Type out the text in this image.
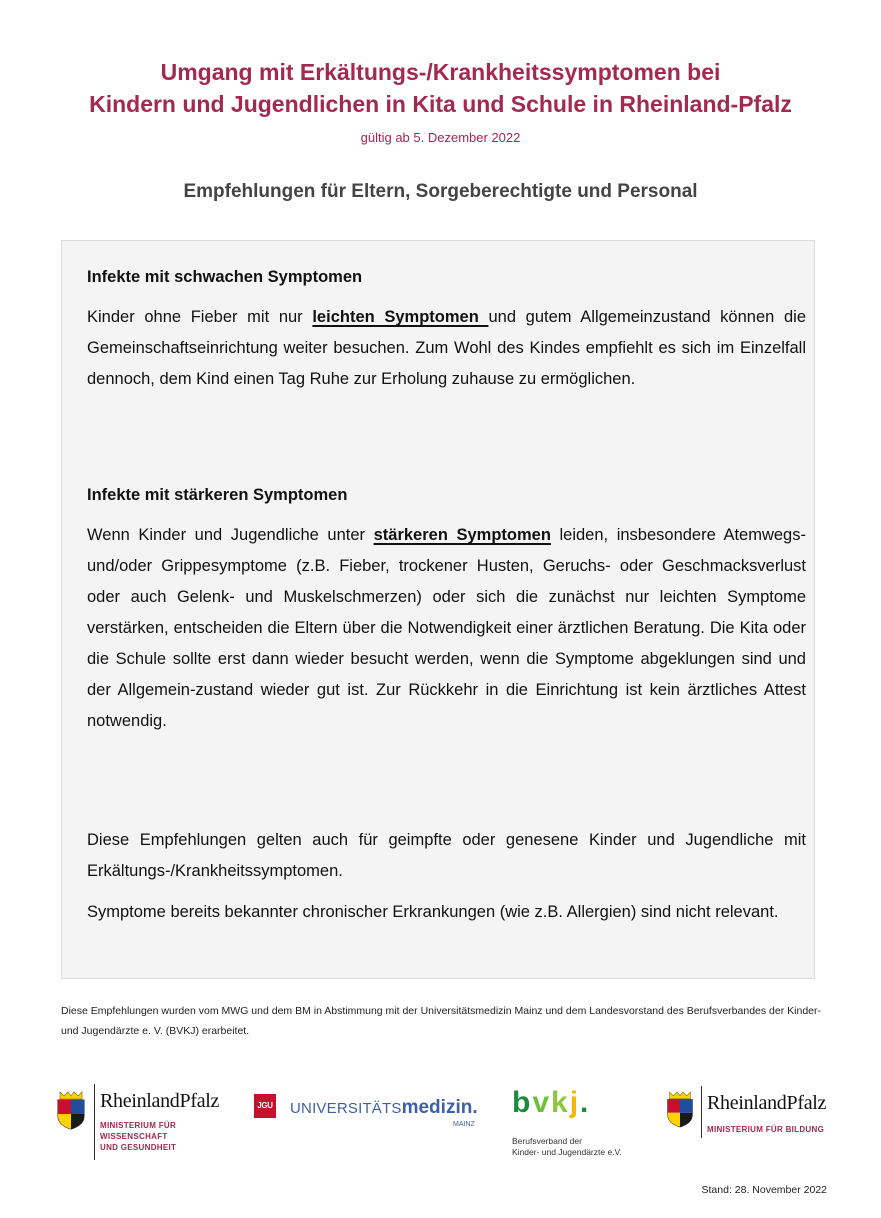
Umgang mit Erkältungs-/Krankheitssymptomen bei
Kindern und Jugendlichen in Kita und Schule in Rheinland-Pfalz
gültig ab 5. Dezember 2022
Empfehlungen für Eltern, Sorgeberechtigte und Personal

Infekte mit schwachen Symptomen

Kinder ohne Fieber mit nur leichten Symptomen und gutem Allgemeinzustand können die Gemeinschaftseinrichtung weiter besuchen. Zum Wohl des Kindes empfiehlt es sich im Einzelfall dennoch, dem Kind einen Tag Ruhe zur Erholung zuhause zu ermöglichen.

Infekte mit stärkeren Symptomen

Wenn Kinder und Jugendliche unter stärkeren Symptomen leiden, insbesondere Atemwegs- und/oder Grippesymptome (z.B. Fieber, trockener Husten, Geruchs- oder Geschmacksverlust oder auch Gelenk- und Muskelschmerzen) oder sich die zunächst nur leichten Symptome verstärken, entscheiden die Eltern über die Notwendigkeit einer ärztlichen Beratung. Die Kita oder die Schule sollte erst dann wieder besucht werden, wenn die Symptome abgeklungen sind und der Allgemein-zustand wieder gut ist. Zur Rückkehr in die Einrichtung ist kein ärztliches Attest notwendig.

Diese Empfehlungen gelten auch für geimpfte oder genesene Kinder und Jugendliche mit Erkältungs-/Krankheitssymptomen.

Symptome bereits bekannter chronischer Erkrankungen (wie z.B. Allergien) sind nicht relevant.

Diese Empfehlungen wurden vom MWG und dem BM in Abstimmung mit der Universitätsmedizin Mainz und dem Landesvorstand des Berufsverbandes der Kinder- und Jugendärzte e. V. (BVKJ) erarbeitet.
RheinlandPfalz
MINISTERIUM FÜR
WISSENSCHAFT
UND GESUNDHEIT
JGU UNIVERSITÄTSmedizin.
MAINZ
bvkj.
Berufsverband der
Kinder- und Jugendärzte e.V.
RheinlandPfalz
MINISTERIUM FÜR BILDUNG
Stand: 28. November 2022
